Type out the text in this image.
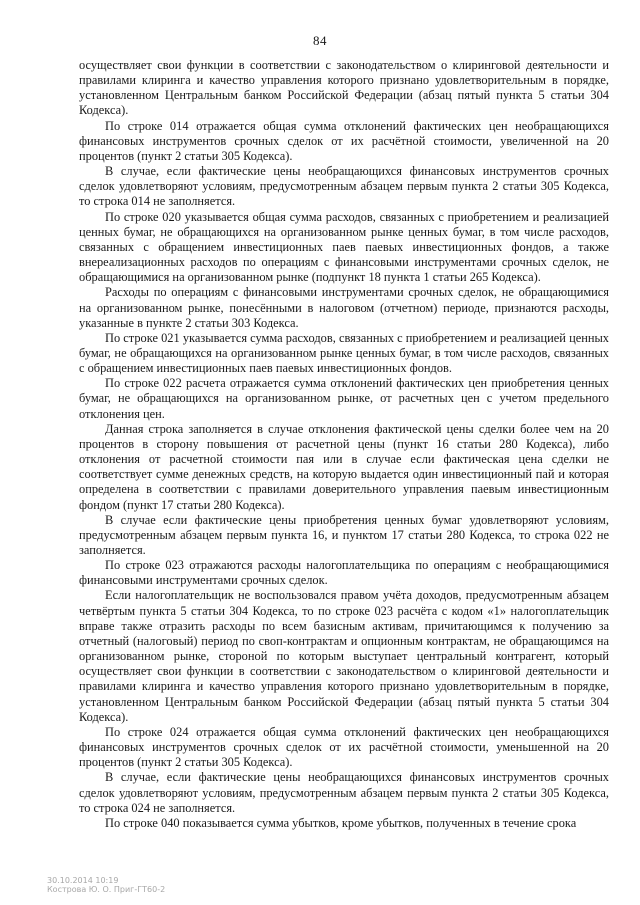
84

осуществляет свои функции в соответствии с законодательством о клиринговой деятельности и правилами клиринга и качество управления которого признано удовлетворительным в порядке, установленном Центральным банком Российской Федерации (абзац пятый пункта 5 статьи 304 Кодекса).

По строке 014 отражается общая сумма отклонений фактических цен необращающихся финансовых инструментов срочных сделок от их расчётной стоимости, увеличенной на 20 процентов (пункт 2 статьи 305 Кодекса).

В случае, если фактические цены необращающихся финансовых инструментов срочных сделок удовлетворяют условиям, предусмотренным абзацем первым пункта 2 статьи 305 Кодекса, то строка 014 не заполняется.

По строке 020 указывается общая сумма расходов, связанных с приобретением и реализацией ценных бумаг, не обращающихся на организованном рынке ценных бумаг, в том числе расходов, связанных с обращением инвестиционных паев паевых инвестиционных фондов, а также внереализационных расходов по операциям с финансовыми инструментами срочных сделок, не обращающимися на организованном рынке (подпункт 18 пункта 1 статьи 265 Кодекса).

Расходы по операциям с финансовыми инструментами срочных сделок, не обращающимися на организованном рынке, понесёнными в налоговом (отчетном) периоде, признаются расходы, указанные в пункте 2 статьи 303 Кодекса.

По строке 021 указывается сумма расходов, связанных с приобретением и реализацией ценных бумаг, не обращающихся на организованном рынке ценных бумаг, в том числе расходов, связанных с обращением инвестиционных паев паевых инвестиционных фондов.

По строке 022 расчета отражается сумма отклонений фактических цен приобретения ценных бумаг, не обращающихся на организованном рынке, от расчетных цен с учетом предельного отклонения цен.

Данная строка заполняется в случае отклонения фактической цены сделки более чем на 20 процентов в сторону повышения от расчетной цены (пункт 16 статьи 280 Кодекса), либо отклонения от расчетной стоимости пая или в случае если фактическая цена сделки не соответствует сумме денежных средств, на которую выдается один инвестиционный пай и которая определена в соответствии с правилами доверительного управления паевым инвестиционным фондом (пункт 17 статьи 280 Кодекса).

В случае если фактические цены приобретения ценных бумаг удовлетворяют условиям, предусмотренным абзацем первым пункта 16, и пунктом 17 статьи 280 Кодекса, то строка 022 не заполняется.

По строке 023 отражаются расходы налогоплательщика по операциям с необращающимися финансовыми инструментами срочных сделок.

Если налогоплательщик не воспользовался правом учёта доходов, предусмотренным абзацем четвёртым пункта 5 статьи 304 Кодекса, то по строке 023 расчёта с кодом «1» налогоплательщик вправе также отразить расходы по всем базисным активам, причитающимся к получению за отчетный (налоговый) период по своп-контрактам и опционным контрактам, не обращающимся на организованном рынке, стороной по которым выступает центральный контрагент, который осуществляет свои функции в соответствии с законодательством о клиринговой деятельности и правилами клиринга и качество управления которого признано удовлетворительным в порядке, установленном Центральным банком Российской Федерации (абзац пятый пункта 5 статьи 304 Кодекса).

По строке 024 отражается общая сумма отклонений фактических цен необращающихся финансовых инструментов срочных сделок от их расчётной стоимости, уменьшенной на 20 процентов (пункт 2 статьи 305 Кодекса).

В случае, если фактические цены необращающихся финансовых инструментов срочных сделок удовлетворяют условиям, предусмотренным абзацем первым пункта 2 статьи 305 Кодекса, то строка 024 не заполняется.

По строке 040 показывается сумма убытков, кроме убытков, полученных в течение срока

30.10.2014 10:19
Кострова Ю. О. Приг-ГТ60-2
